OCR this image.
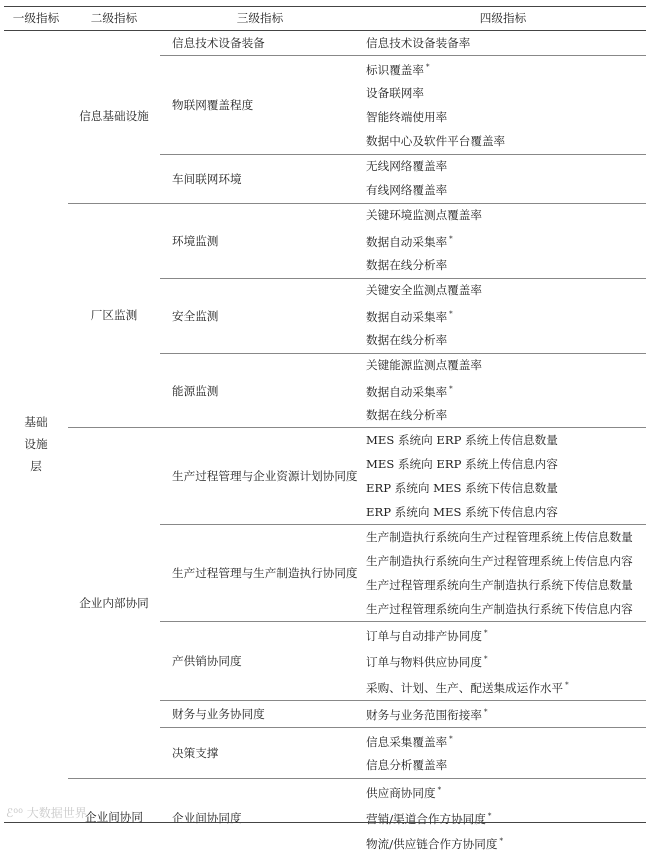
一级指标	二级指标	三级指标	四级指标
基础设施层	信息基础设施	信息技术设备装备	信息技术设备装备率
		物联网覆盖程度	标识覆盖率 *
			设备联网率
			智能终端使用率
			数据中心及软件平台覆盖率
		车间联网环境	无线网络覆盖率
			有线网络覆盖率
	厂区监测	环境监测	关键环境监测点覆盖率
			数据自动采集率 *
			数据在线分析率
		安全监测	关键安全监测点覆盖率
			数据自动采集率 *
			数据在线分析率
		能源监测	关键能源监测点覆盖率
			数据自动采集率 *
			数据在线分析率
	企业内部协同	生产过程管理与企业资源计划协同度	MES 系统向 ERP 系统上传信息数量
			MES 系统向 ERP 系统上传信息内容
			ERP 系统向 MES 系统下传信息数量
			ERP 系统向 MES 系统下传信息内容
		生产过程管理与生产制造执行协同度	生产制造执行系统向生产过程管理系统上传信息数量
			生产制造执行系统向生产过程管理系统上传信息内容
			生产过程管理系统向生产制造执行系统下传信息数量
			生产过程管理系统向生产制造执行系统下传信息内容
		产供销协同度	订单与自动排产协同度 *
			订单与物料供应协同度 *
			采购、计划、生产、配送集成运作水平 *
		财务与业务协同度	财务与业务范围衔接率 *
		决策支撑	信息采集覆盖率 *
			信息分析覆盖率
	企业间协同	企业间协同度	供应商协同度 *
			营销/渠道合作方协同度 *
			物流/供应链合作方协同度 *
ℰ⁰⁰ 大数据世界
